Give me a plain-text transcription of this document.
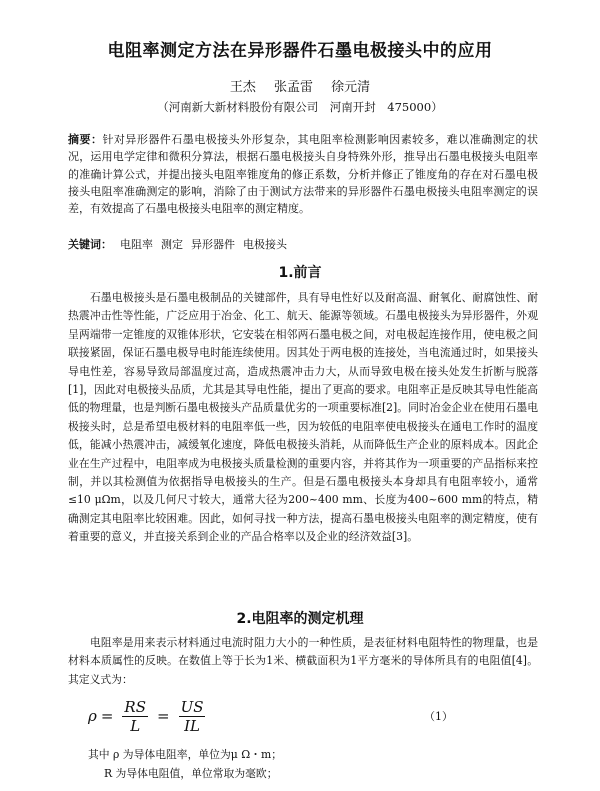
电阻率测定方法在异形器件石墨电极接头中的应用
王杰 张孟雷 徐元清
（河南新大新材料股份有限公司　河南开封　475000）
摘要：针对异形器件石墨电极接头外形复杂，其电阻率检测影响因素较多，难以准确测定的状况，运用电学定律和微积分算法，根据石墨电极接头自身特殊外形，推导出石墨电极接头电阻率的准确计算公式，并提出接头电阻率锥度角的修正系数，分析并修正了锥度角的存在对石墨电极接头电阻率准确测定的影响，消除了由于测试方法带来的异形器件石墨电极接头电阻率测定的误差，有效提高了石墨电极接头电阻率的测定精度。
关键词： 电阻率 测定 异形器件 电极接头
1.前言
石墨电极接头是石墨电极制品的关键部件，具有导电性好以及耐高温、耐氧化、耐腐蚀性、耐热震冲击性等性能，广泛应用于冶金、化工、航天、能源等领域。石墨电极接头为异形器件，外观呈两端带一定锥度的双锥体形状，它安装在相邻两石墨电极之间，对电极起连接作用，使电极之间联接紧固，保证石墨电极导电时能连续使用。因其处于两电极的连接处，当电流通过时，如果接头导电性差，容易导致局部温度过高，造成热震冲击力大，从而导致电极在接头处发生折断与脱落[1]，因此对电极接头品质，尤其是其导电性能，提出了更高的要求。电阻率正是反映其导电性能高低的物理量，也是判断石墨电极接头产品质量优劣的一项重要标准[2]。同时冶金企业在使用石墨电极接头时，总是希望电极材料的电阻率低一些，因为较低的电阻率使电极接头在通电工作时的温度低，能减小热震冲击，减缓氧化速度，降低电极接头消耗，从而降低生产企业的原料成本。因此企业在生产过程中，电阻率成为电极接头质量检测的重要内容，并将其作为一项重要的产品指标来控制，并以其检测值为依据指导电极接头的生产。但是石墨电极接头本身却具有电阻率较小，通常≤10 μΩm，以及几何尺寸较大，通常大径为200~400 mm、长度为400~600 mm的特点，精确测定其电阻率比较困难。因此，如何寻找一种方法，提高石墨电极接头电阻率的测定精度，使有着重要的意义，并直接关系到企业的产品合格率以及企业的经济效益[3]。
2.电阻率的测定机理
电阻率是用来表示材料通过电流时阻力大小的一种性质，是表征材料电阻特性的物理量，也是材料本质属性的反映。在数值上等于长为1米、横截面积为1平方毫米的导体所具有的电阻值[4]。其定义式为：
$\rho = \frac{RS}{L} = \frac{US}{IL}$	（1）
其中 ρ 为导体电阻率，单位为μ Ω・m；
R 为导体电阻值，单位常取为毫欧；
